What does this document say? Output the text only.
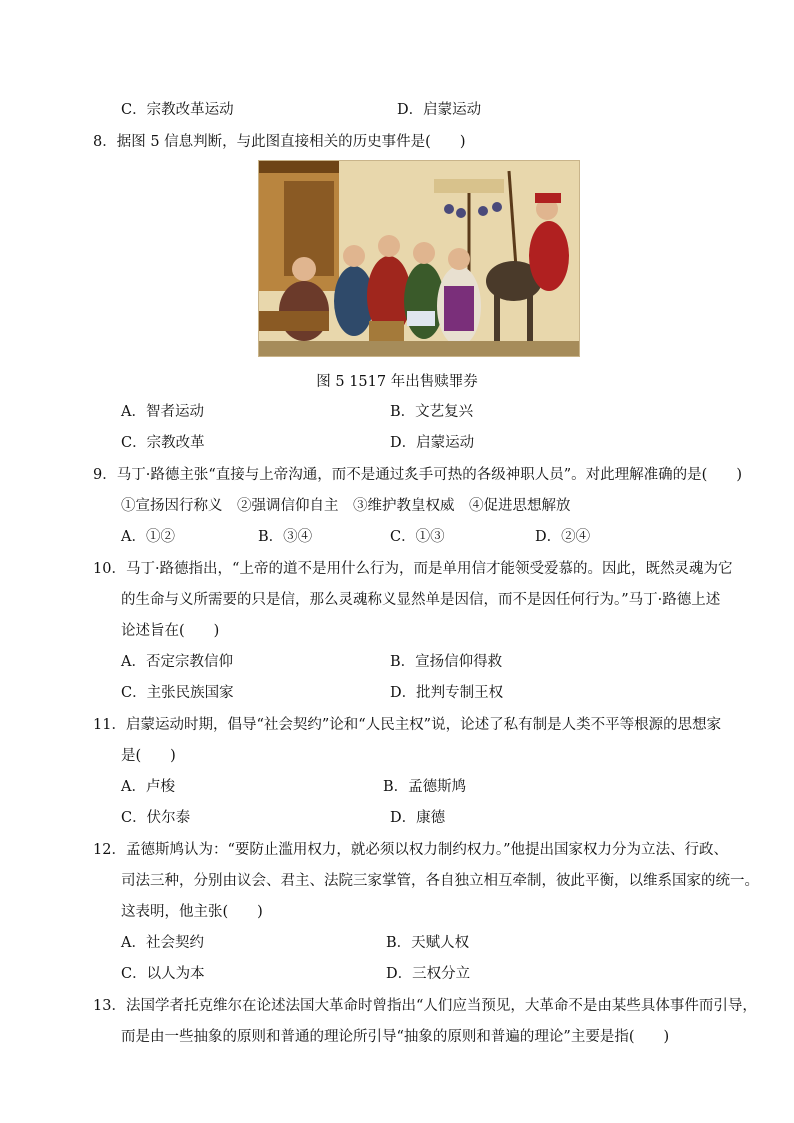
C．宗教改革运动	D．启蒙运动
8．据图 5 信息判断，与此图直接相关的历史事件是(　　)
图 5 1517 年出售赎罪券
A．智者运动	B．文艺复兴
C．宗教改革	D．启蒙运动
9．马丁·路德主张“直接与上帝沟通，而不是通过炙手可热的各级神职人员”。对此理解准确的是(　　)
①宣扬因行称义　②强调信仰自主　③维护教皇权威　④促进思想解放
A．①②	B．③④	C．①③	D．②④
10．马丁·路德指出，“上帝的道不是用什么行为，而是单用信才能领受爱慕的。因此，既然灵魂为它
的生命与义所需要的只是信，那么灵魂称义显然单是因信，而不是因任何行为。”马丁·路德上述
论述旨在(　　)
A．否定宗教信仰	B．宣扬信仰得救
C．主张民族国家	D．批判专制王权
11．启蒙运动时期，倡导“社会契约”论和“人民主权”说，论述了私有制是人类不平等根源的思想家
是(　　)
A．卢梭	B．孟德斯鸠
C．伏尔泰	D．康德
12．孟德斯鸠认为：“要防止滥用权力，就必须以权力制约权力。”他提出国家权力分为立法、行政、
司法三种，分别由议会、君主、法院三家掌管，各自独立相互牵制，彼此平衡，以维系国家的统一。
这表明，他主张(　　)
A．社会契约	B．天赋人权
C．以人为本	D．三权分立
13．法国学者托克维尔在论述法国大革命时曾指出“人们应当预见，大革命不是由某些具体事件而引导，
而是由一些抽象的原则和普通的理论所引导“抽象的原则和普遍的理论”主要是指(　　)
